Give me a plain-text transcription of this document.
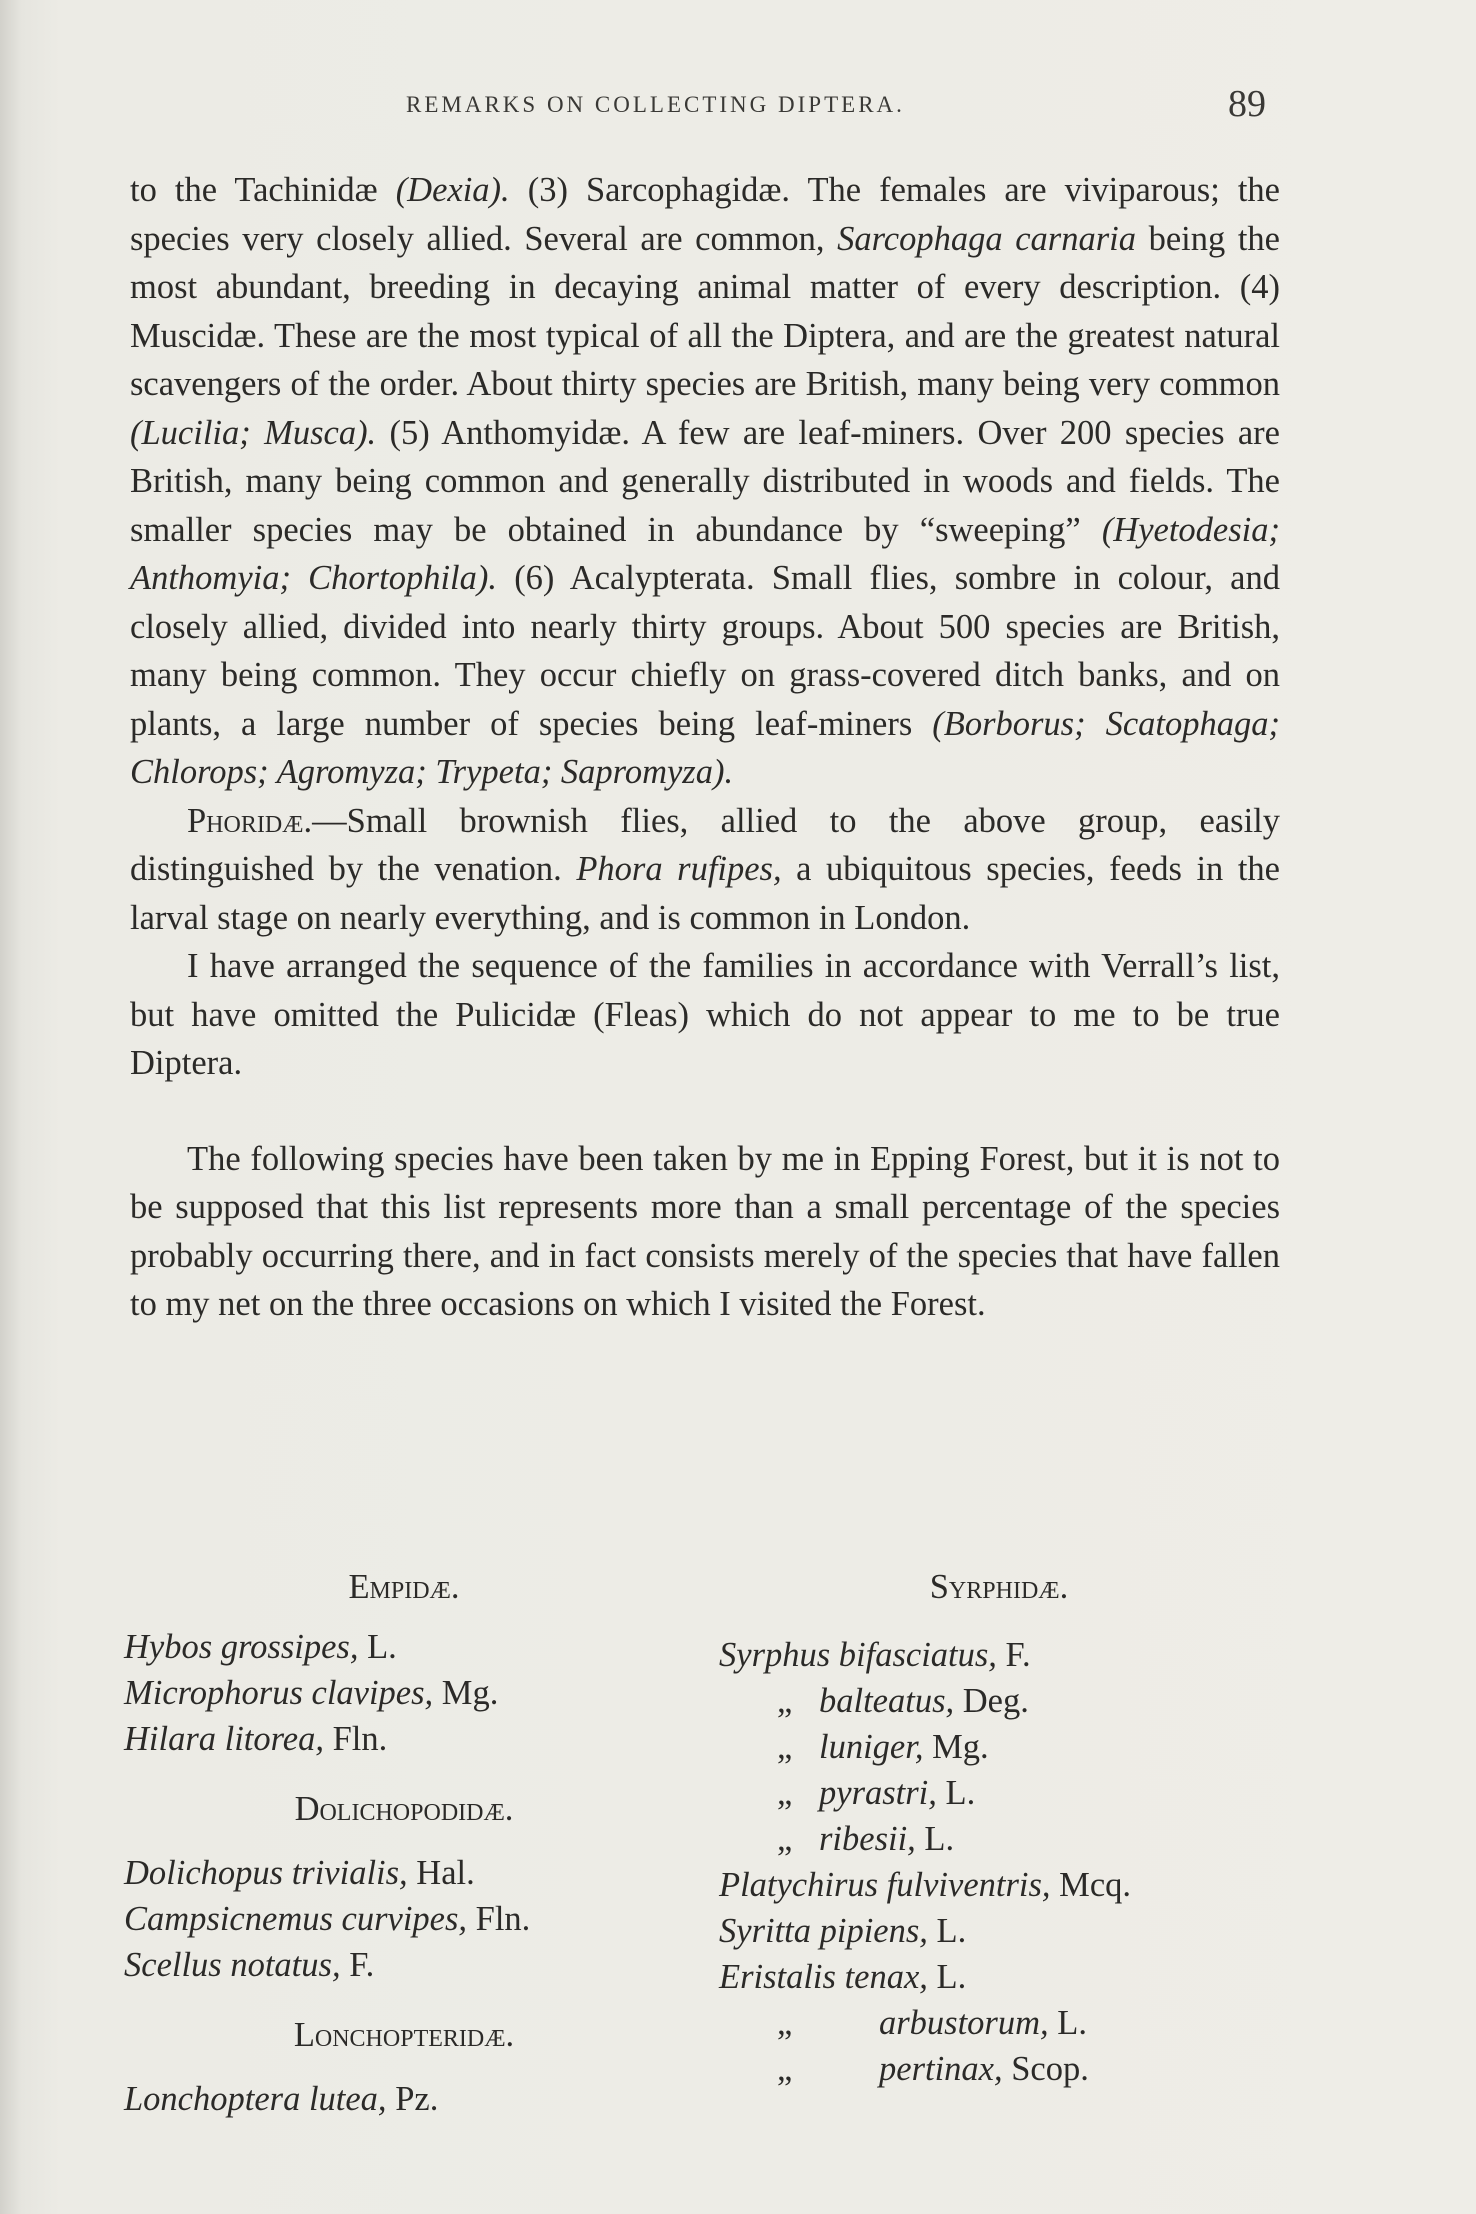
REMARKS ON COLLECTING DIPTERA.	89

to the Tachinidæ (Dexia). (3) Sarcophagidæ. The females are viviparous; the species very closely allied. Several are common, Sarcophaga carnaria being the most abundant, breeding in decaying animal matter of every description. (4) Muscidæ. These are the most typical of all the Diptera, and are the greatest natural scavengers of the order. About thirty species are British, many being very common (Lucilia; Musca). (5) Anthomyidæ. A few are leaf-miners. Over 200 species are British, many being common and generally distributed in woods and fields. The smaller species may be obtained in abundance by “sweeping” (Hyetodesia; Anthomyia; Chortophila). (6) Acalypterata. Small flies, sombre in colour, and closely allied, divided into nearly thirty groups. About 500 species are British, many being common. They occur chiefly on grass-covered ditch banks, and on plants, a large number of species being leaf-miners (Borborus; Scatophaga; Chlorops; Agromyza; Trypeta; Sapromyza).

Phoridæ.—Small brownish flies, allied to the above group, easily distinguished by the venation. Phora rufipes, a ubiquitous species, feeds in the larval stage on nearly everything, and is common in London.

I have arranged the sequence of the families in accordance with Verrall’s list, but have omitted the Pulicidæ (Fleas) which do not appear to me to be true Diptera.

The following species have been taken by me in Epping Forest, but it is not to be supposed that this list represents more than a small percentage of the species probably occurring there, and in fact consists merely of the species that have fallen to my net on the three occasions on which I visited the Forest.

Empidæ.
Hybos grossipes, L.
Microphorus clavipes, Mg.
Hilara litorea, Fln.
Dolichopodidæ.
Dolichopus trivialis, Hal.
Campsicnemus curvipes, Fln.
Scellus notatus, F.
Lonchopteridæ.
Lonchoptera lutea, Pz.
Syrphidæ.
Syrphus bifasciatus, F.
„ balteatus, Deg.
„ luniger, Mg.
„ pyrastri, L.
„ ribesii, L.
Platychirus fulviventris, Mcq.
Syritta pipiens, L.
Eristalis tenax, L.
„	arbustorum, L.
„	pertinax, Scop.
